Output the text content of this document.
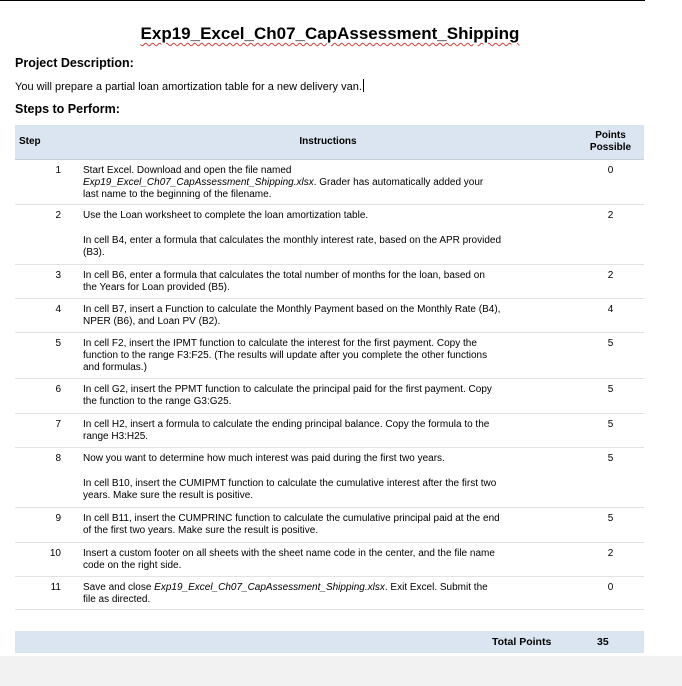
Exp19_Excel_Ch07_CapAssessment_Shipping
Project Description:
You will prepare a partial loan amortization table for a new delivery van.
Steps to Perform:
Step	Instructions	Points
Possible

1	Start Excel. Download and open the file named
Exp19_Excel_Ch07_CapAssessment_Shipping.xlsx. Grader has automatically added your
last name to the beginning of the filename.	0
2	Use the Loan worksheet to complete the loan amortization table.
In cell B4, enter a formula that calculates the monthly interest rate, based on the APR provided
(B3).	2
3	In cell B6, enter a formula that calculates the total number of months for the loan, based on
the Years for Loan provided (B5).	2
4	In cell B7, insert a Function to calculate the Monthly Payment based on the Monthly Rate (B4),
NPER (B6), and Loan PV (B2).	4
5	In cell F2, insert the IPMT function to calculate the interest for the first payment. Copy the
function to the range F3:F25. (The results will update after you complete the other functions
and formulas.)	5
6	In cell G2, insert the PPMT function to calculate the principal paid for the first payment. Copy
the function to the range G3:G25.	5
7	In cell H2, insert a formula to calculate the ending principal balance. Copy the formula to the
range H3:H25.	5
8	Now you want to determine how much interest was paid during the first two years.
In cell B10, insert the CUMIPMT function to calculate the cumulative interest after the first two
years. Make sure the result is positive.	5
9	In cell B11, insert the CUMPRINC function to calculate the cumulative principal paid at the end
of the first two years. Make sure the result is positive.	5
10	Insert a custom footer on all sheets with the sheet name code in the center, and the file name
code on the right side.	2
11	Save and close Exp19_Excel_Ch07_CapAssessment_Shipping.xlsx. Exit Excel. Submit the
file as directed.	0
Total Points	35
